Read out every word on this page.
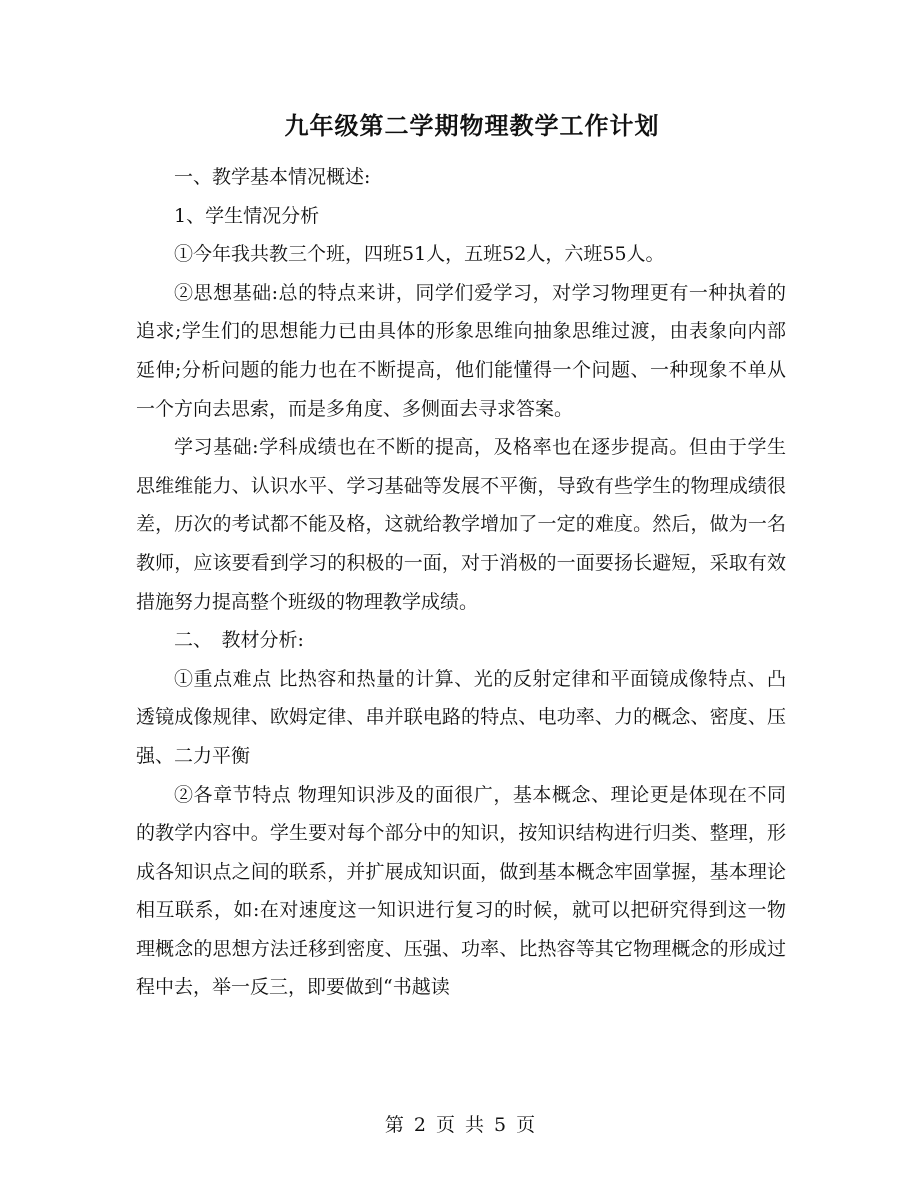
九年级第二学期物理教学工作计划

一、教学基本情况概述:

1、学生情况分析

①今年我共教三个班，四班51人，五班52人，六班55人。

②思想基础:总的特点来讲，同学们爱学习，对学习物理更有一种执着的追求;学生们的思想能力已由具体的形象思维向抽象思维过渡，由表象向内部延伸;分析问题的能力也在不断提高，他们能懂得一个问题、一种现象不单从一个方向去思索，而是多角度、多侧面去寻求答案。

学习基础:学科成绩也在不断的提高，及格率也在逐步提高。但由于学生思维维能力、认识水平、学习基础等发展不平衡，导致有些学生的物理成绩很差，历次的考试都不能及格，这就给教学增加了一定的难度。然后，做为一名教师，应该要看到学习的积极的一面，对于消极的一面要扬长避短，采取有效措施努力提高整个班级的物理教学成绩。

二、　教材分析:

①重点难点 比热容和热量的计算、光的反射定律和平面镜成像特点、凸透镜成像规律、欧姆定律、串并联电路的特点、电功率、力的概念、密度、压强、二力平衡

②各章节特点 物理知识涉及的面很广，基本概念、理论更是体现在不同的教学内容中。学生要对每个部分中的知识，按知识结构进行归类、整理，形成各知识点之间的联系，并扩展成知识面，做到基本概念牢固掌握，基本理论相互联系，如:在对速度这一知识进行复习的时候，就可以把研究得到这一物理概念的思想方法迁移到密度、压强、功率、比热容等其它物理概念的形成过程中去，举一反三，即要做到“书越读

第 2 页 共 5 页
